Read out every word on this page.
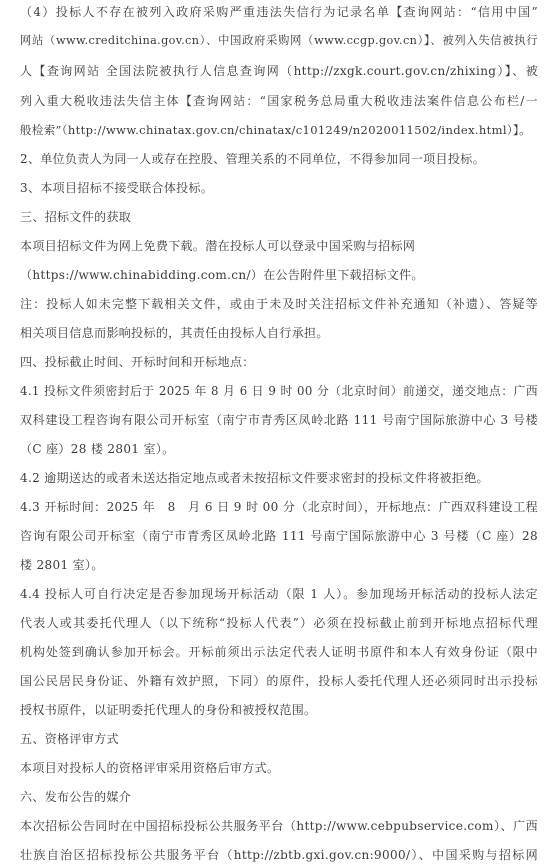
（4）投标人不存在被列入政府采购严重违法失信行为记录名单【查询网站：“信用中国”
网站（www.creditchina.gov.cn）、中国政府采购网（www.ccgp.gov.cn）】、被列入失信被执行
人【查询网站 全国法院被执行人信息查询网（http://zxgk.court.gov.cn/zhixing）】、被
列入重大税收违法失信主体【查询网站：“国家税务总局重大税收违法案件信息公布栏/一
般检索”（http://www.chinatax.gov.cn/chinatax/c101249/n2020011502/index.html）】。
2、单位负责人为同一人或存在控股、管理关系的不同单位，不得参加同一项目投标。
3、本项目招标不接受联合体投标。
三、招标文件的获取
本项目招标文件为网上免费下载。潜在投标人可以登录中国采购与招标网
（https://www.chinabidding.com.cn/）在公告附件里下载招标文件。
注：投标人如未完整下载相关文件，或由于未及时关注招标文件补充通知（补遗）、答疑等
相关项目信息而影响投标的，其责任由投标人自行承担。
四、投标截止时间、开标时间和开标地点：
4.1 投标文件须密封后于 2025 年 8 月 6 日 9 时 00 分（北京时间）前递交，递交地点：广西
双科建设工程咨询有限公司开标室（南宁市青秀区凤岭北路 111 号南宁国际旅游中心 3 号楼
（C 座）28 楼 2801 室）。
4.2 逾期送达的或者未送达指定地点或者未按招标文件要求密封的投标文件将被拒绝。
4.3 开标时间：2025 年　8　月 6 日 9 时 00 分（北京时间），开标地点：广西双科建设工程
咨询有限公司开标室（南宁市青秀区凤岭北路 111 号南宁国际旅游中心 3 号楼（C 座）28
楼 2801 室）。
4.4 投标人可自行决定是否参加现场开标活动（限 1 人）。参加现场开标活动的投标人法定
代表人或其委托代理人（以下统称“投标人代表”）必须在投标截止前到开标地点招标代理
机构处签到确认参加开标会。开标前须出示法定代表人证明书原件和本人有效身份证（限中
国公民居民身份证、外籍有效护照，下同）的原件，投标人委托代理人还必须同时出示投标
授权书原件，以证明委托代理人的身份和被授权范围。
五、资格评审方式
本项目对投标人的资格评审采用资格后审方式。
六、发布公告的媒介
本次招标公告同时在中国招标投标公共服务平台（http://www.cebpubservice.com）、广西
壮族自治区招标投标公共服务平台（http://zbtb.gxi.gov.cn:9000/）、中国采购与招标网
